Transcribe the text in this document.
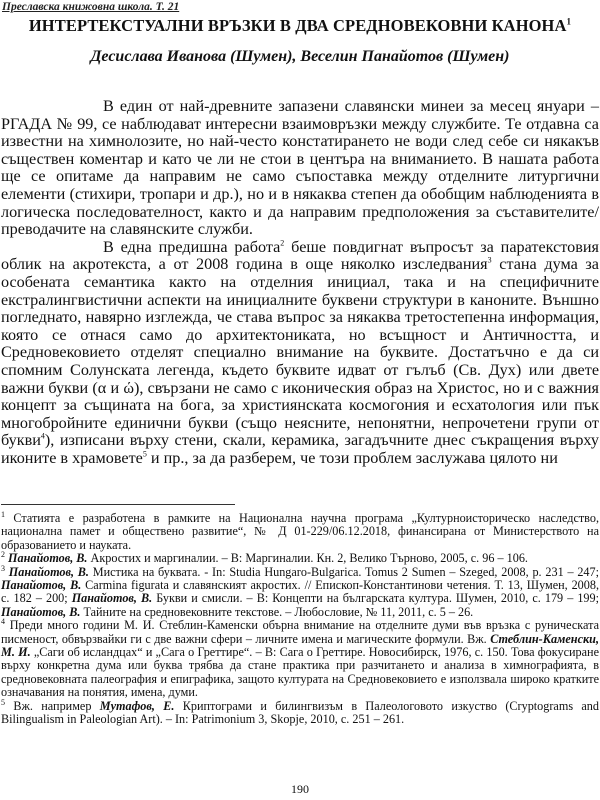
Преславска книжовна школа. Т. 21
ИНТЕРТЕКСТУАЛНИ ВРЪЗКИ В ДВА СРЕДНОВЕКОВНИ КАНОНА$^1$
Десислава Иванова (Шумен), Веселин Панайотов (Шумен)

В един от най-древните запазени славянски минеи за месец януари – РГАДА № 99, се наблюдават интересни взаимовръзки между службите. Те отдавна са известни на химнолозите, но най-често констатирането не води след себе си някакъв съществен коментар и като че ли не стои в центъра на вниманието. В нашата работа ще се опитаме да направим не само съпоставка между отделните литургични елементи (стихири, тропари и др.), но и в някаква степен да обобщим наблюденията в логическа последователност, както и да направим предположения за съставителите/преводачите на славянските служби.

В една предишна работа$^2$ беше повдигнат въпросът за паратекстовия облик на акротекста, а от 2008 година в още няколко изследвания$^3$ стана дума за особената семантика както на отделния инициал, така и на специфичните екстралингвистични аспекти на инициалните буквени структури в каноните. Външно погледнато, навярно изглежда, че става въпрос за някаква третостепенна информация, която се отнася само до архитектониката, но всъщност и Античността, и Средновековието отделят специално внимание на буквите. Достатъчно е да си спомним Солунската легенда, където буквите идват от гълъб (Св. Дух) или двете важни букви (α и ώ), свързани не само с иконическия образ на Христос, но и с важния концепт за същината на бога, за християнската космогония и есхатология или пък многобройните единични букви (също неясните, непонятни, непрочетени групи от букви$^4$), изписани върху стени, скали, керамика, загадъчните днес съкращения върху иконите в храмовете$^5$ и пр., за да разберем, че този проблем заслужава цялото ни

$^1$ Статията е разработена в рамките на Национална научна програма „Културноисторическо наследство, национална памет и обществено развитие“, № Д 01-229/06.12.2018, финансирана от Министерството на образованието и науката.

$^2$ Панайотов, В. Акростих и маргиналии. – В: Маргиналии. Кн. 2, Велико Търново, 2005, с. 96 – 106.

$^3$ Панайотов, В. Мистика на буквата. - In: Studia Hungaro-Bulgarica. Tomus 2 Sumen – Szeged, 2008, p. 231 – 247; Панайотов, В. Carmina figurata и славянският акростих. // Епископ-Константинови четения. Т. 13, Шумен, 2008, с. 182 – 200; Панайотов, В. Букви и смисли. – В: Концепти на българската култура. Шумен, 2010, с. 179 – 199; Панайотов, В. Тайните на средновековните текстове. – Любословие, № 11, 2011, с. 5 – 26.

$^4$ Преди много години М. И. Стеблин-Каменски обърна внимание на отделните думи във връзка с руническата писменост, обвързвайки ги с две важни сфери – личните имена и магическите формули. Вж. Стеблин-Каменски, М. И. „Саги об исландцах“ и „Сага о Греттире“. – В: Сага о Греттире. Новосибирск, 1976, с. 150. Това фокусиране върху конкретна дума или буква трябва да стане практика при разчитането и анализа в химнографията, в средновековната палеография и епиграфика, защото културата на Средновековието е използвала широко кратките означавания на понятия, имена, думи.

$^5$ Вж. например Мутафов, Е. Криптограми и билингвизъм в Палеологовото изкуство (Cryptograms and Bilingualism in Paleologian Art). – In: Patrimonium 3, Skopje, 2010, c. 251 – 261.

190
